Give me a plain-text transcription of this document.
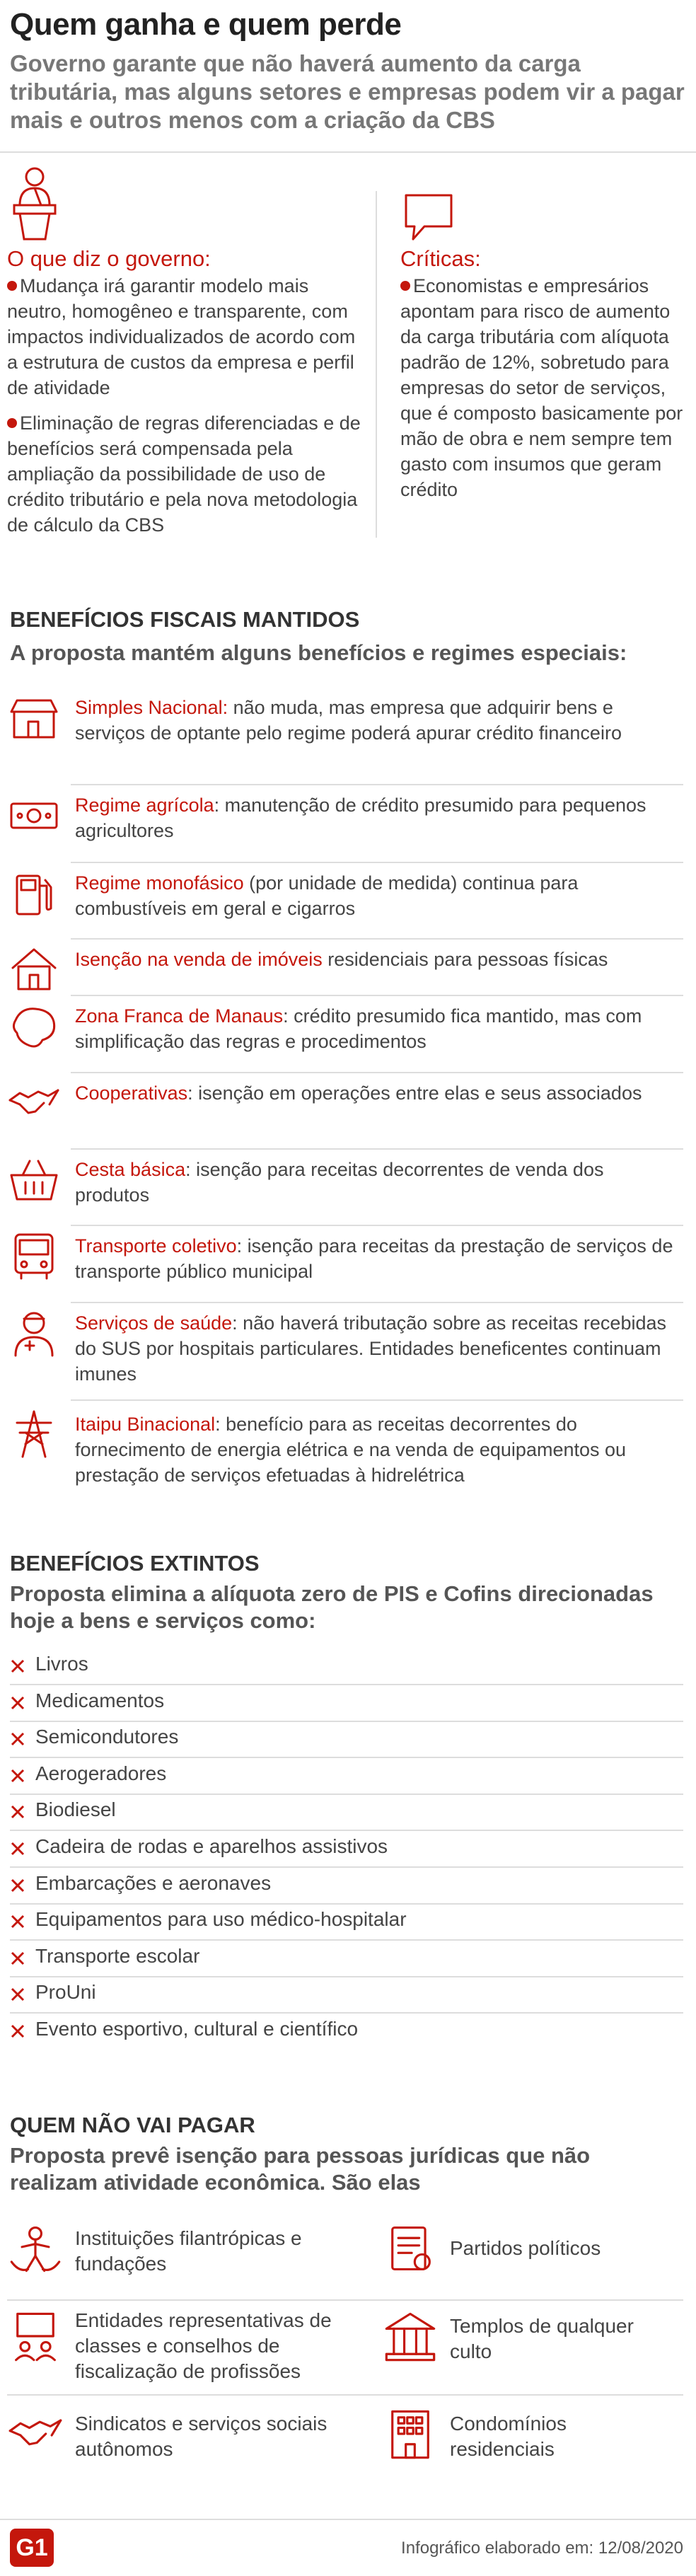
Quem ganha e quem perde
Governo garante que não haverá aumento da carga tributária, mas alguns setores e empresas podem vir a pagar mais e outros menos com a criação da CBS
O que diz o governo:

Mudança irá garantir modelo mais neutro, homogêneo e transparente, com impactos individualizados de acordo com a estrutura de custos da empresa e perfil de atividade

Eliminação de regras diferenciadas e de benefícios será compensada pela ampliação da possibilidade de uso de crédito tributário e pela nova metodologia de cálculo da CBS

Críticas:

Economistas e empresários apontam para risco de aumento da carga tributária com alíquota padrão de 12%, sobretudo para empresas do setor de serviços, que é composto basicamente por mão de obra e nem sempre tem gasto com insumos que geram crédito

BENEFÍCIOS FISCAIS MANTIDOS
A proposta mantém alguns benefícios e regimes especiais:
Simples Nacional: não muda, mas empresa que adquirir bens e serviços de optante pelo regime poderá apurar crédito financeiro
Regime agrícola: manutenção de crédito presumido para pequenos agricultores
Regime monofásico (por unidade de medida) continua para combustíveis em geral e cigarros
Isenção na venda de imóveis residenciais para pessoas físicas
Zona Franca de Manaus: crédito presumido fica mantido, mas com simplificação das regras e procedimentos
Cooperativas: isenção em operações entre elas e seus associados
Cesta básica: isenção para receitas decorrentes de venda dos produtos
Transporte coletivo: isenção para receitas da prestação de serviços de transporte público municipal
Serviços de saúde: não haverá tributação sobre as receitas recebidas do SUS por hospitais particulares. Entidades beneficentes continuam imunes
Itaipu Binacional: benefício para as receitas decorrentes do fornecimento de energia elétrica e na venda de equipamentos ou prestação de serviços efetuadas à hidrelétrica
BENEFÍCIOS EXTINTOS
Proposta elimina a alíquota zero de PIS e Cofins direcionadas hoje a bens e serviços como:
Livros
Medicamentos
Semicondutores
Aerogeradores
Biodiesel
Cadeira de rodas e aparelhos assistivos
Embarcações e aeronaves
Equipamentos para uso médico-hospitalar
Transporte escolar
ProUni
Evento esportivo, cultural e científico
QUEM NÃO VAI PAGAR
Proposta prevê isenção para pessoas jurídicas que não realizam atividade econômica. São elas
Instituições filantrópicas e fundações
Partidos políticos
Entidades representativas de classes e conselhos de fiscalização de profissões
Templos de qualquer culto
Sindicatos e serviços sociais autônomos
Condomínios residenciais
G1	Infográfico elaborado em: 12/08/2020
